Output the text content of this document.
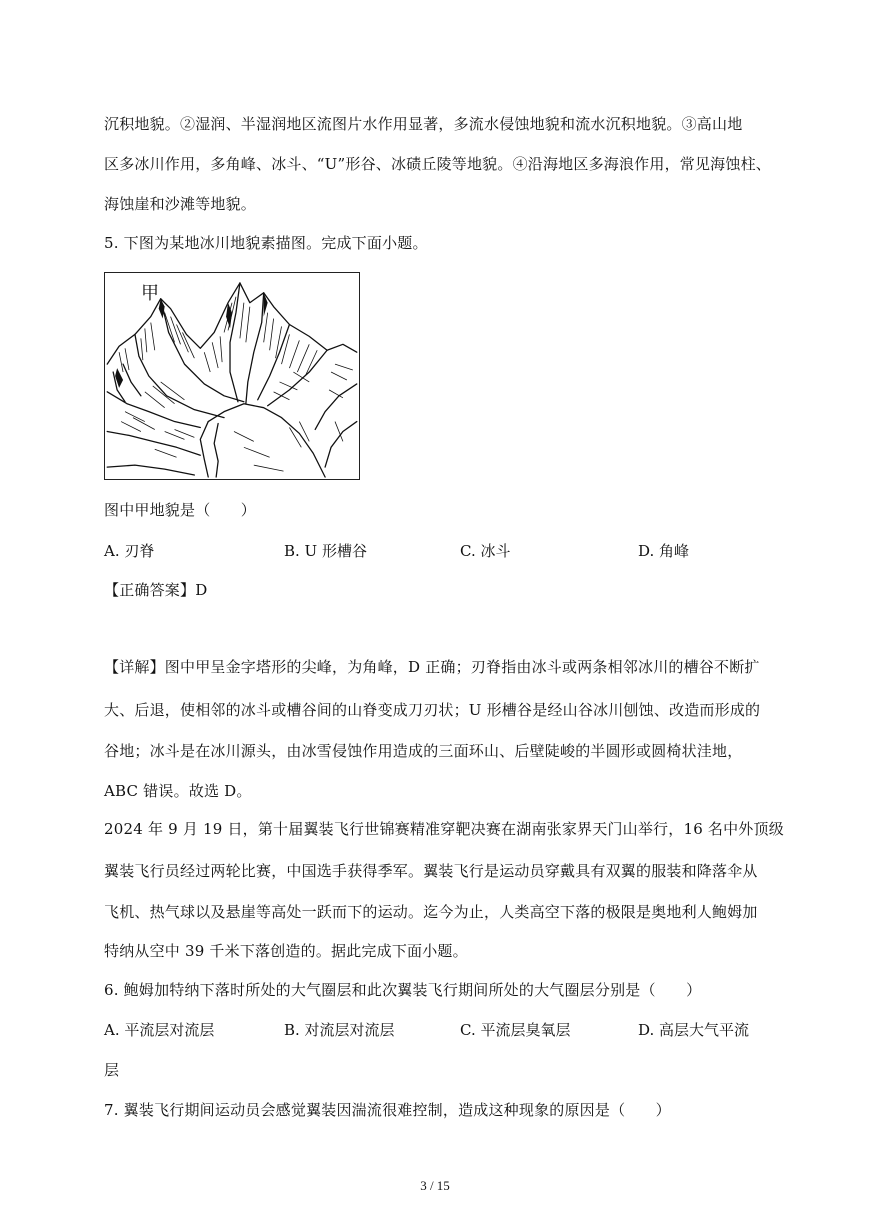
沉积地貌。②湿润、半湿润地区流图片水作用显著，多流水侵蚀地貌和流水沉积地貌。③高山地
区多冰川作用，多角峰、冰斗、“U”形谷、冰碛丘陵等地貌。④沿海地区多海浪作用，常见海蚀柱、
海蚀崖和沙滩等地貌。
5. 下图为某地冰川地貌素描图。完成下面小题。
甲
图中甲地貌是（　　）
A. 刃脊	B. U 形槽谷	C. 冰斗	D. 角峰
【正确答案】D
【详解】图中甲呈金字塔形的尖峰，为角峰，D 正确；刃脊指由冰斗或两条相邻冰川的槽谷不断扩
大、后退，使相邻的冰斗或槽谷间的山脊变成刀刃状；U 形槽谷是经山谷冰川刨蚀、改造而形成的
谷地；冰斗是在冰川源头，由冰雪侵蚀作用造成的三面环山、后壁陡峻的半圆形或圆椅状洼地，
ABC 错误。故选 D。
2024 年 9 月 19 日，第十届翼装飞行世锦赛精准穿靶决赛在湖南张家界天门山举行，16 名中外顶级
翼装飞行员经过两轮比赛，中国选手获得季军。翼装飞行是运动员穿戴具有双翼的服装和降落伞从
飞机、热气球以及悬崖等高处一跃而下的运动。迄今为止，人类高空下落的极限是奥地利人鲍姆加
特纳从空中 39 千米下落创造的。据此完成下面小题。
6. 鲍姆加特纳下落时所处的大气圈层和此次翼装飞行期间所处的大气圈层分别是（　　）
A. 平流层对流层	B. 对流层对流层	C. 平流层臭氧层	D. 高层大气平流
层
7. 翼装飞行期间运动员会感觉翼装因湍流很难控制，造成这种现象的原因是（　　）
3 / 15
